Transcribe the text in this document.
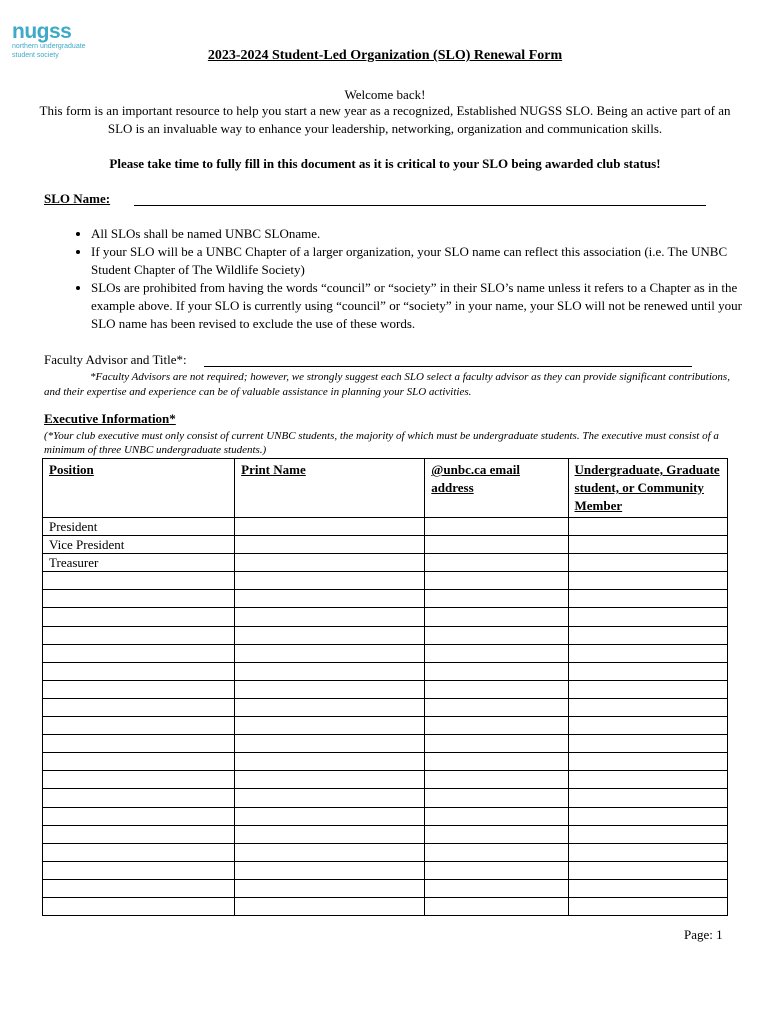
nugss
northern undergraduate
student society	2023-2024 Student-Led Organization (SLO) Renewal Form
Welcome back!
This form is an important resource to help you start a new year as a recognized, Established NUGSS SLO. Being an active part of an SLO is an invaluable way to enhance your leadership, networking, organization and communication skills.
Please take time to fully fill in this document as it is critical to your SLO being awarded club status!
SLO Name:
• All SLOs shall be named UNBC SLOname.
• If your SLO will be a UNBC Chapter of a larger organization, your SLO name can reflect this association (i.e. The UNBC Student Chapter of The Wildlife Society)
• SLOs are prohibited from having the words “council” or “society” in their SLO’s name unless it refers to a Chapter as in the example above. If your SLO is currently using “council” or “society” in your name, your SLO will not be renewed until your SLO name has been revised to exclude the use of these words.
Faculty Advisor and Title*:
*Faculty Advisors are not required; however, we strongly suggest each SLO select a faculty advisor as they can provide significant contributions, and their expertise and experience can be of valuable assistance in planning your SLO activities.
Executive Information*
(*Your club executive must only consist of current UNBC students, the majority of which must be undergraduate students. The executive must consist of a minimum of three UNBC undergraduate students.)
Position	Print Name	@unbc.ca email address	Undergraduate, Graduate student, or Community Member
President			
Vice President			
Treasurer			

Page: 1
